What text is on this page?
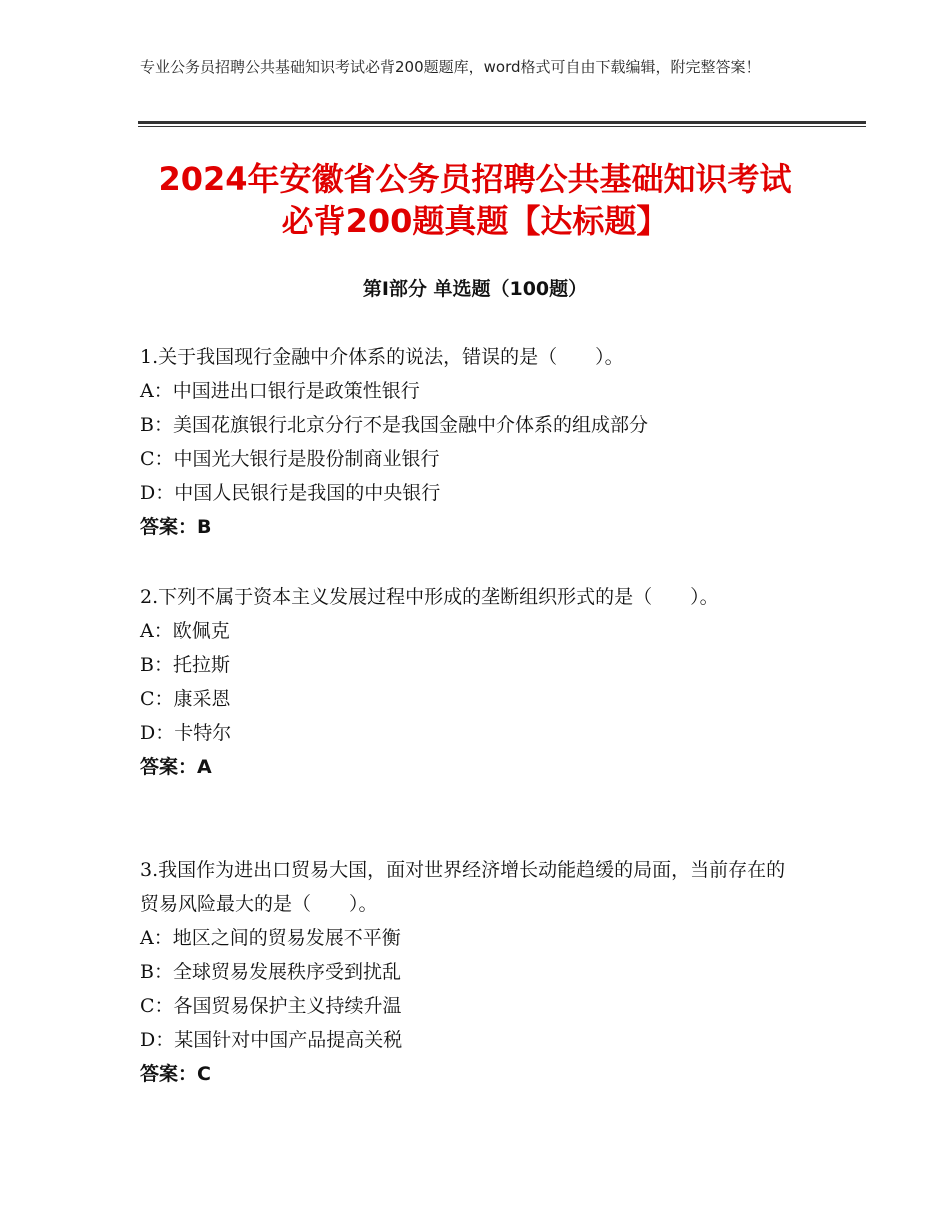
专业公务员招聘公共基础知识考试必背200题题库，word格式可自由下载编辑，附完整答案！
2024年安徽省公务员招聘公共基础知识考试
必背200题真题【达标题】
第Ⅰ部分 单选题（100题）

1.关于我国现行金融中介体系的说法，错误的是（　　）。

A：中国进出口银行是政策性银行

B：美国花旗银行北京分行不是我国金融中介体系的组成部分

C：中国光大银行是股份制商业银行

D：中国人民银行是我国的中央银行

答案：B

2.下列不属于资本主义发展过程中形成的垄断组织形式的是（　　）。

A：欧佩克

B：托拉斯

C：康采恩

D：卡特尔

答案：A

3.我国作为进出口贸易大国，面对世界经济增长动能趋缓的局面，当前存在的贸易风险最大的是（　　）。

A：地区之间的贸易发展不平衡

B：全球贸易发展秩序受到扰乱

C：各国贸易保护主义持续升温

D：某国针对中国产品提高关税

答案：C
